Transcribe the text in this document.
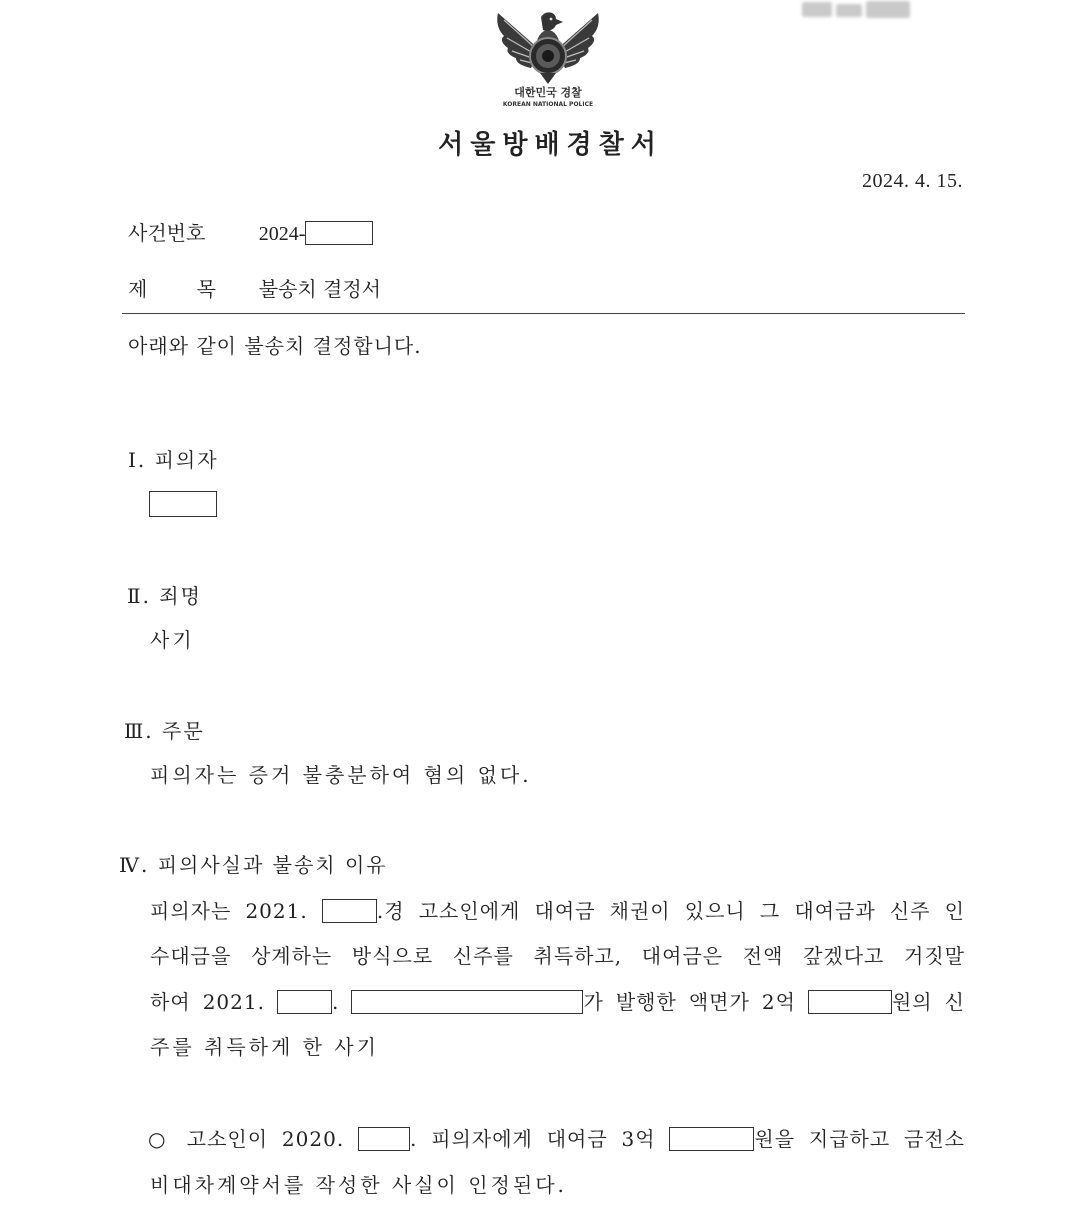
대한민국 경찰
KOREAN NATIONAL POLICE
서울방배경찰서
2024. 4. 15.
사건번호	2024-
제 목 불송치 결정서
아래와 같이 불송치 결정합니다.
Ⅰ. 피의자
Ⅱ. 죄명
사기
Ⅲ. 주문
피의자는 증거 불충분하여 혐의 없다.
Ⅳ. 피의사실과 불송치 이유
피의자는 2021.	.경 고소인에게 대여금 채권이 있으니 그 대여금과 신주 인
수대금을 상계하는 방식으로 신주를 취득하고, 대여금은 전액 갚겠다고 거짓말
하여 2021.	.	가 발행한 액면가 2억	원의 신
주를 취득하게 한 사기
○ 고소인이 2020.	. 피의자에게 대여금 3억	원을 지급하고 금전소
비대차계약서를 작성한 사실이 인정된다.
